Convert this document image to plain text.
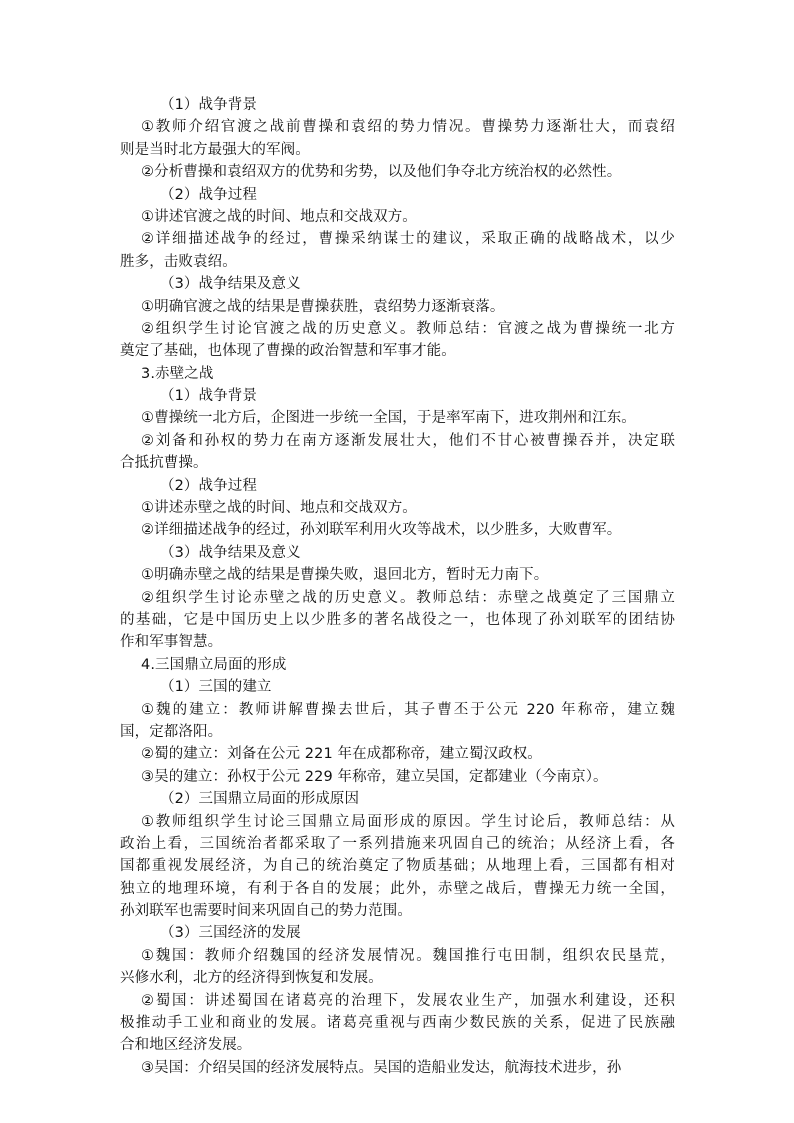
（1）战争背景
①教师介绍官渡之战前曹操和袁绍的势力情况。曹操势力逐渐壮大，而袁绍
则是当时北方最强大的军阀。
②分析曹操和袁绍双方的优势和劣势，以及他们争夺北方统治权的必然性。
（2）战争过程
①讲述官渡之战的时间、地点和交战双方。
②详细描述战争的经过，曹操采纳谋士的建议，采取正确的战略战术，以少
胜多，击败袁绍。
（3）战争结果及意义
①明确官渡之战的结果是曹操获胜，袁绍势力逐渐衰落。
②组织学生讨论官渡之战的历史意义。教师总结：官渡之战为曹操统一北方
奠定了基础，也体现了曹操的政治智慧和军事才能。
3.赤壁之战
（1）战争背景
①曹操统一北方后，企图进一步统一全国，于是率军南下，进攻荆州和江东。
②刘备和孙权的势力在南方逐渐发展壮大，他们不甘心被曹操吞并，决定联
合抵抗曹操。
（2）战争过程
①讲述赤壁之战的时间、地点和交战双方。
②详细描述战争的经过，孙刘联军利用火攻等战术，以少胜多，大败曹军。
（3）战争结果及意义
①明确赤壁之战的结果是曹操失败，退回北方，暂时无力南下。
②组织学生讨论赤壁之战的历史意义。教师总结：赤壁之战奠定了三国鼎立
的基础，它是中国历史上以少胜多的著名战役之一，也体现了孙刘联军的团结协
作和军事智慧。
4.三国鼎立局面的形成
（1）三国的建立
①魏的建立：教师讲解曹操去世后，其子曹丕于公元 220 年称帝，建立魏
国，定都洛阳。
②蜀的建立：刘备在公元 221 年在成都称帝，建立蜀汉政权。
③吴的建立：孙权于公元 229 年称帝，建立吴国，定都建业（今南京）。
（2）三国鼎立局面的形成原因
①教师组织学生讨论三国鼎立局面形成的原因。学生讨论后，教师总结：从
政治上看，三国统治者都采取了一系列措施来巩固自己的统治；从经济上看，各
国都重视发展经济，为自己的统治奠定了物质基础；从地理上看，三国都有相对
独立的地理环境，有利于各自的发展；此外，赤壁之战后，曹操无力统一全国，
孙刘联军也需要时间来巩固自己的势力范围。
（3）三国经济的发展
①魏国：教师介绍魏国的经济发展情况。魏国推行屯田制，组织农民垦荒，
兴修水利，北方的经济得到恢复和发展。
②蜀国：讲述蜀国在诸葛亮的治理下，发展农业生产，加强水利建设，还积
极推动手工业和商业的发展。诸葛亮重视与西南少数民族的关系，促进了民族融
合和地区经济发展。
③吴国：介绍吴国的经济发展特点。吴国的造船业发达，航海技术进步，孙
